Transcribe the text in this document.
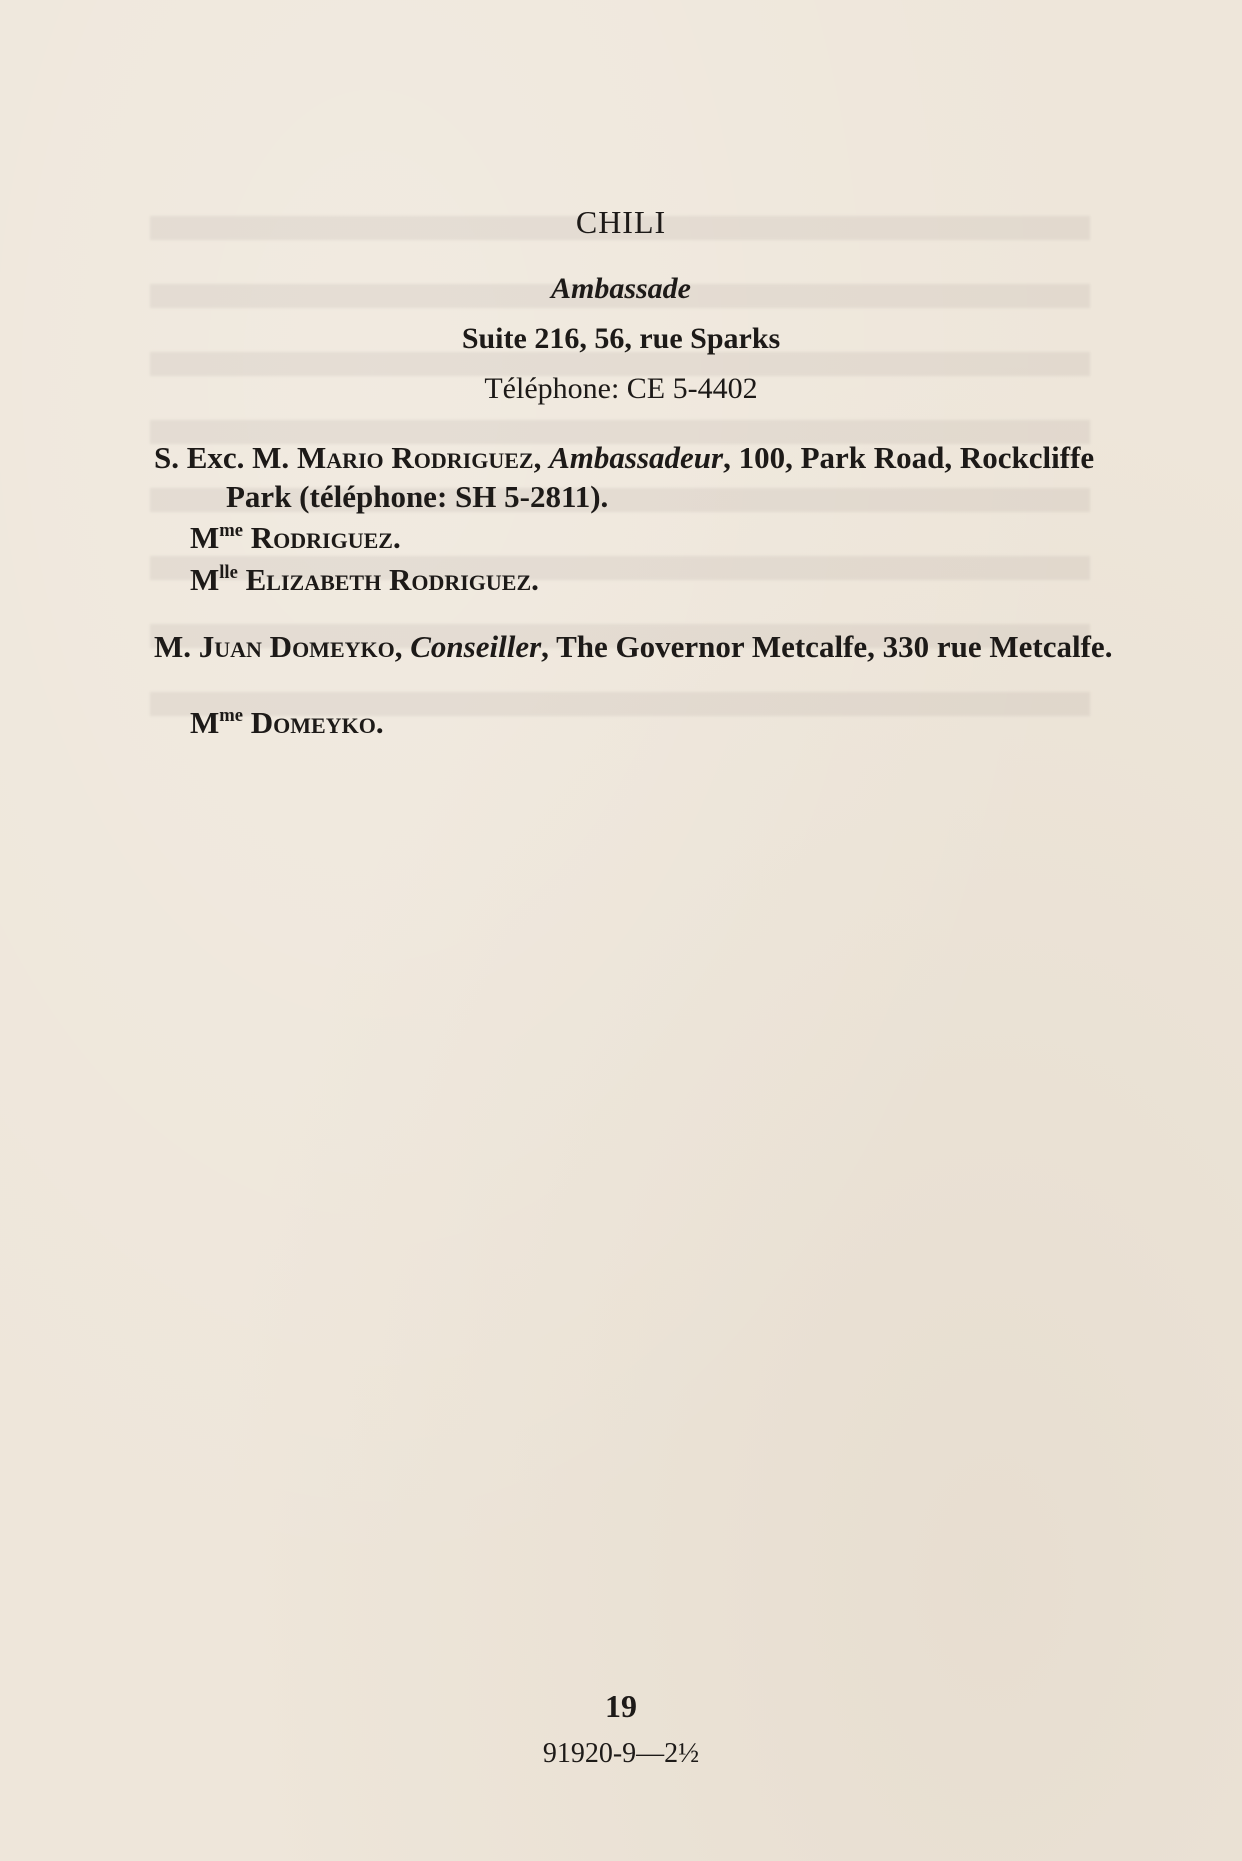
CHILI
Ambassade
Suite 216, 56, rue Sparks
Téléphone: CE 5-4402
S. Exc. M. Mario Rodriguez, Ambassadeur, 100, Park Road, Rockcliffe Park (téléphone: SH 5-2811).
$M^{me}$ Rodriguez.
$M^{lle}$ Elizabeth Rodriguez.
M. Juan Domeyko, Conseiller, The Governor Metcalfe, 330 rue Metcalfe.
$M^{me}$ Domeyko.
19
91920-9—2½
